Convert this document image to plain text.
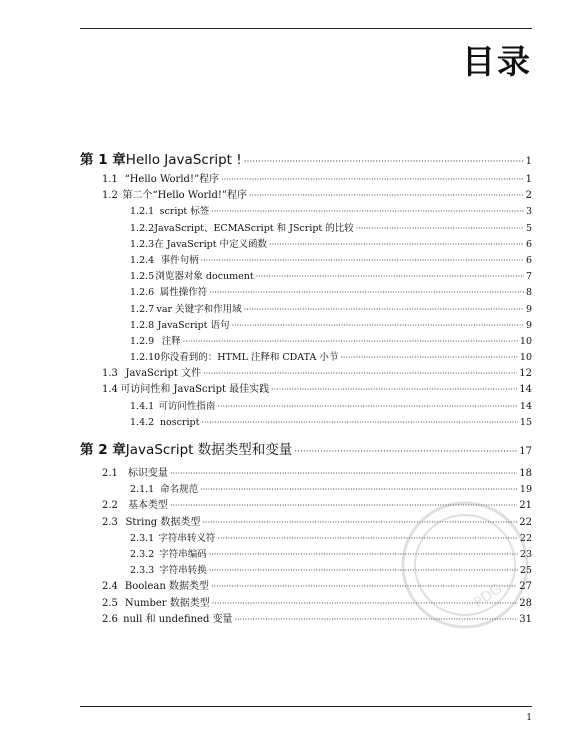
目录
第 1 章 Hello JavaScript ! ·····	1
1.1 “Hello World!”程序 ·····	1
1.2 第二个“Hello World!”程序 ·····	2
1.2.1 script 标签 ·····	3
1.2.2 JavaScript、ECMAScript 和 JScript 的比较 ·····	5
1.2.3 在 JavaScript 中定义函数 ·····	6
1.2.4 事件句柄 ·····	6
1.2.5 浏览器对象 document ·····	7
1.2.6 属性操作符 ·····	8
1.2.7 var 关键字和作用域 ·····	9
1.2.8 JavaScript 语句 ·····	9
1.2.9 注释 ·····	10
1.2.10 你没看到的：HTML 注释和 CDATA 小节 ·····	10
1.3 JavaScript 文件 ·····	12
1.4 可访问性和 JavaScript 最佳实践 ·····	14
1.4.1 可访问性指南 ·····	14
1.4.2 noscript ·····	15
第 2 章 JavaScript 数据类型和变量 ·····	17
2.1	标识变量 ·····	18
2.1.1 命名规范 ·····	19
2.2	基本类型 ·····	21
2.3 String 数据类型 ·····	22
2.3.1 字符串转义符 ·····	22
2.3.2 字符串编码 ·····	23
2.3.3 字符串转换 ·····	25
2.4 Boolean 数据类型 ·····	27
2.5 Number 数据类型 ·····	28
2.6 null 和 undefined 变量 ·····	31
PDG
1
